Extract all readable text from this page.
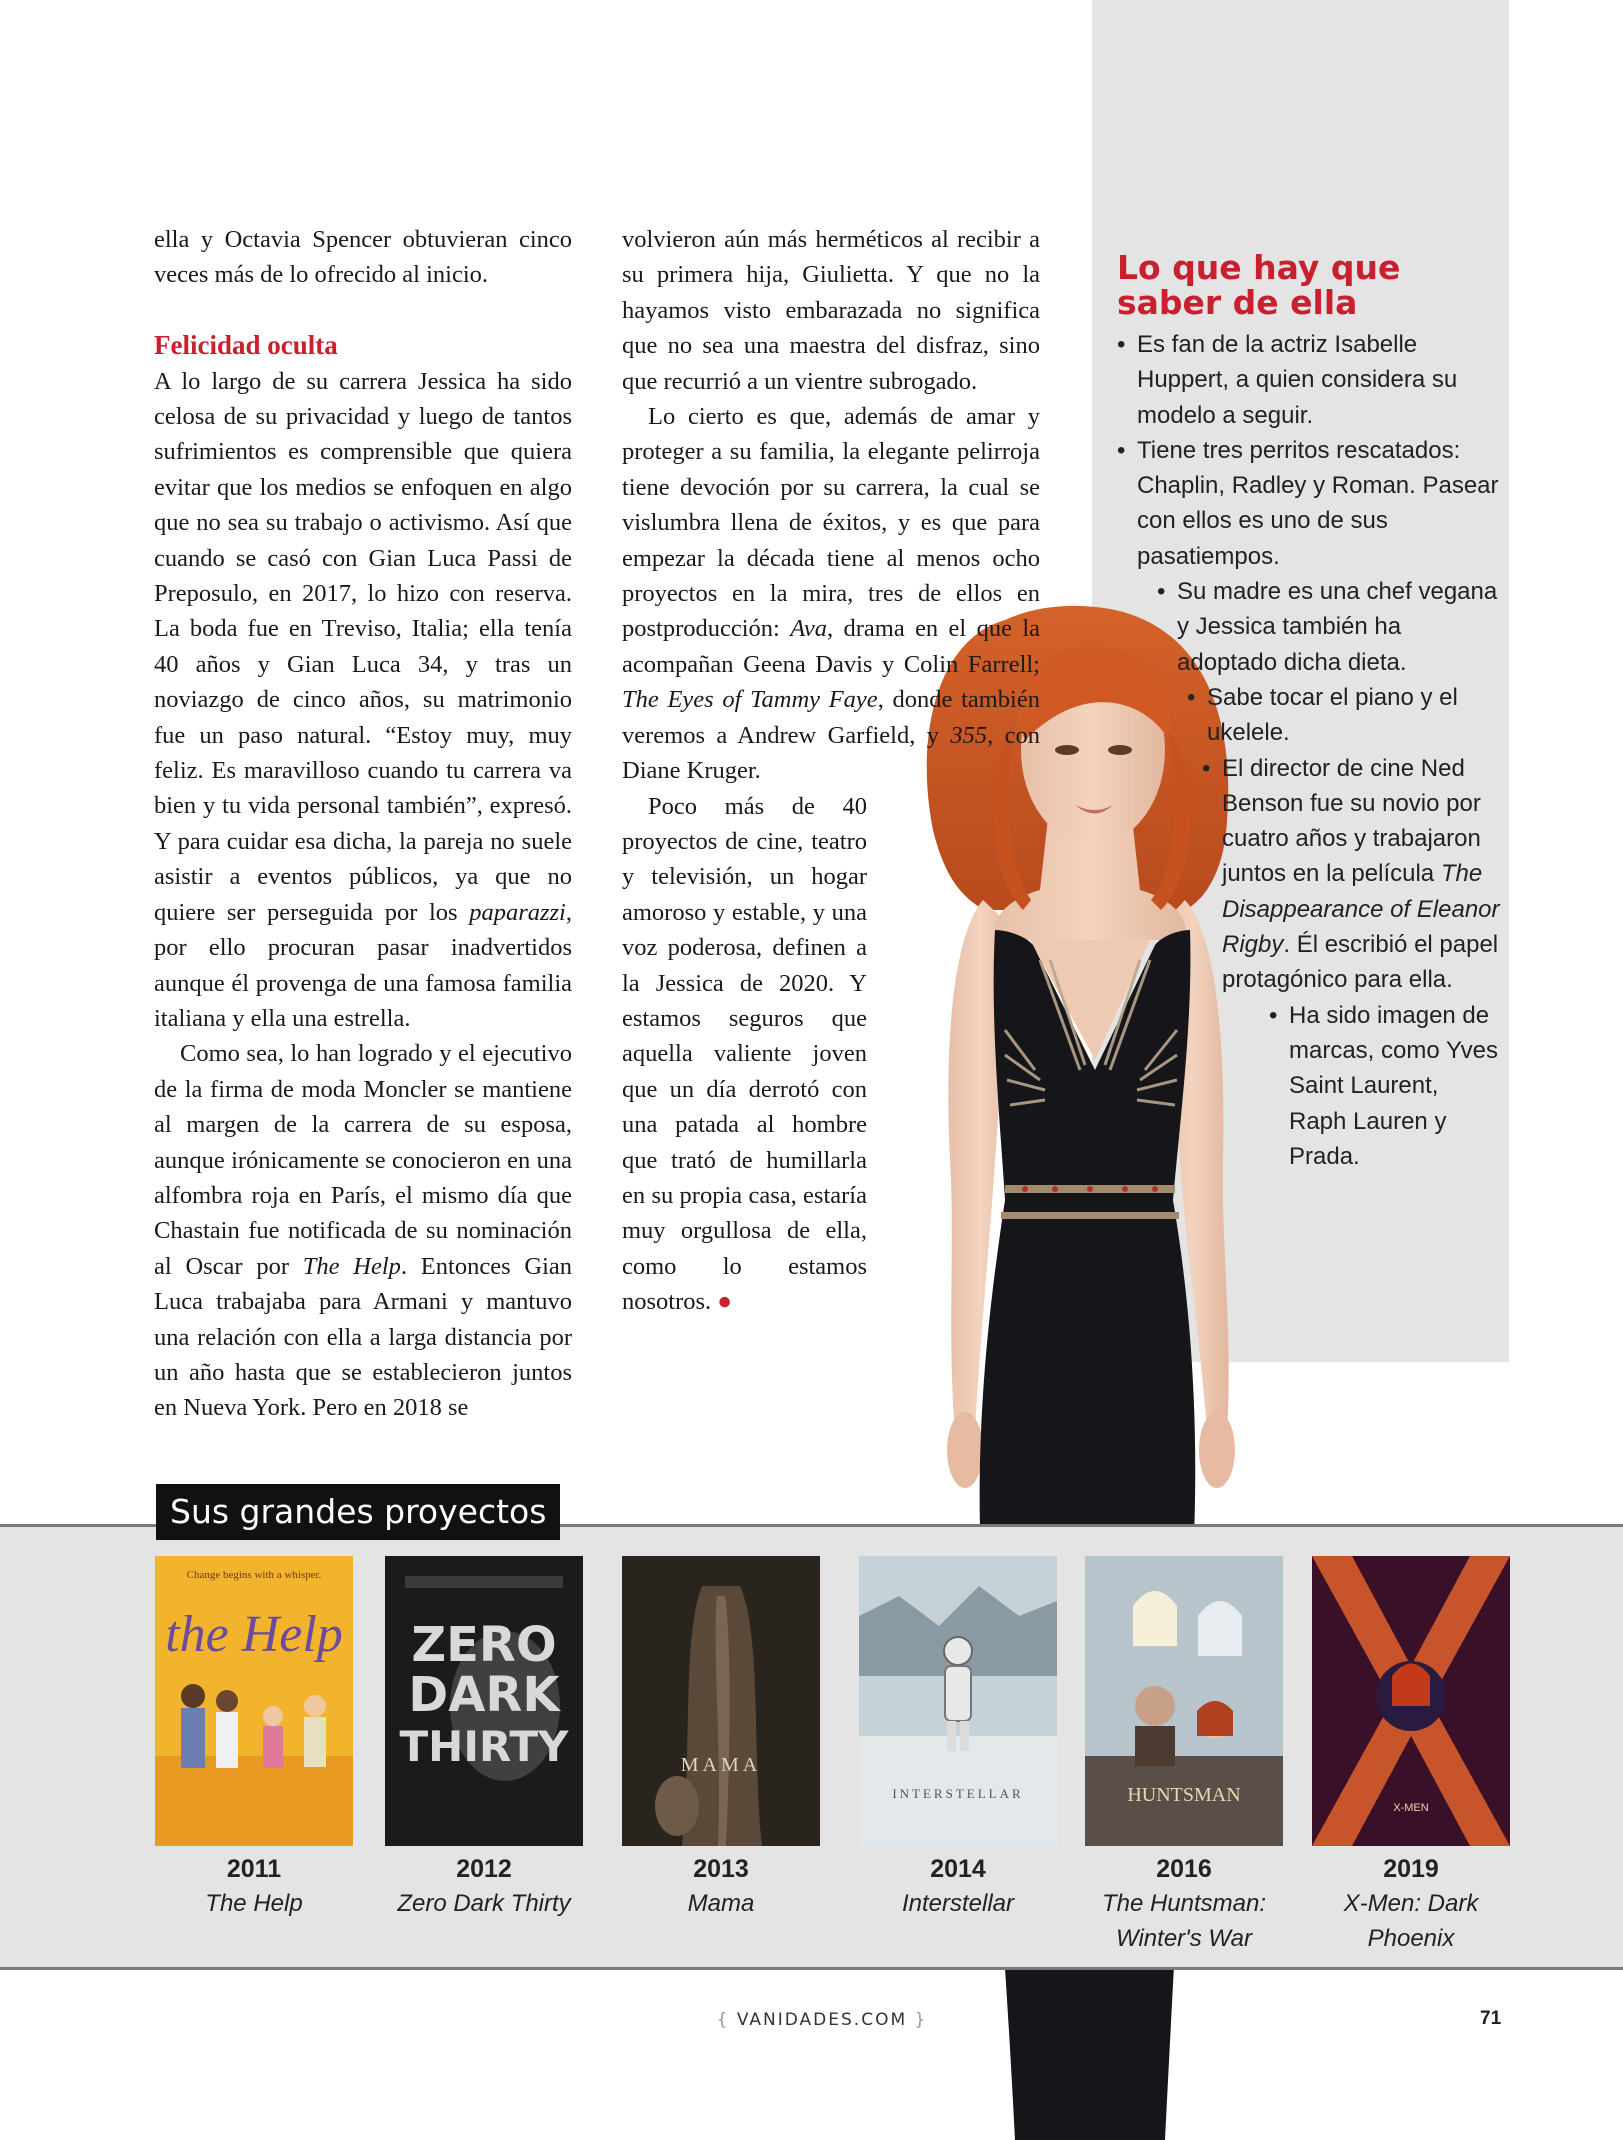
ella y Octavia Spencer obtuvieran cinco veces más de lo ofrecido al inicio.

Felicidad oculta

A lo largo de su carrera Jessica ha sido celosa de su privacidad y luego de tantos sufrimientos es comprensible que quiera evitar que los medios se enfoquen en algo que no sea su trabajo o activismo. Así que cuando se casó con Gian Luca Passi de Preposulo, en 2017, lo hizo con reserva. La boda fue en Treviso, Italia; ella tenía 40 años y Gian Luca 34, y tras un noviazgo de cinco años, su matrimonio fue un paso natural. “Estoy muy, muy feliz. Es maravilloso cuando tu carrera va bien y tu vida personal también”, expresó. Y para cuidar esa dicha, la pareja no suele asistir a eventos públicos, ya que no quiere ser perseguida por los paparazzi, por ello procuran pasar inadvertidos aunque él provenga de una famosa familia italiana y ella una estrella.

Como sea, lo han logrado y el ejecutivo de la firma de moda Moncler se mantiene al margen de la carrera de su esposa, aunque irónicamente se conocieron en una alfombra roja en París, el mismo día que Chastain fue notificada de su nominación al Oscar por The Help. Entonces Gian Luca trabajaba para Armani y mantuvo una relación con ella a larga distancia por un año hasta que se establecieron juntos en Nueva York. Pero en 2018 se

volvieron aún más herméticos al recibir a su primera hija, Giulietta. Y que no la hayamos visto embarazada no significa que no sea una maestra del disfraz, sino que recurrió a un vientre subrogado.

Lo cierto es que, además de amar y proteger a su familia, la elegante pelirroja tiene devoción por su carrera, la cual se vislumbra llena de éxitos, y es que para empezar la década tiene al menos ocho proyectos en la mira, tres de ellos en postproducción: Ava, drama en el que la acompañan Geena Davis y Colin Farrell; The Eyes of Tammy Faye, donde también veremos a Andrew Garfield, y 355, con Diane Kruger.

Poco más de 40 proyectos de cine, teatro y televisión, un hogar amoroso y estable, y una voz poderosa, definen a la Jessica de 2020. Y estamos seguros que aquella valiente joven que un día derrotó con una patada al hombre que trató de humillarla en su propia casa, estaría muy orgullosa de ella, como lo estamos nosotros. ●

Lo que hay que saber de ella
• Es fan de la actriz Isabelle Huppert, a quien considera su modelo a seguir.
• Tiene tres perritos rescatados: Chaplin, Radley y Roman. Pasear con ellos es uno de sus pasatiempos.
• Su madre es una chef vegana y Jessica también ha adoptado dicha dieta.
• Sabe tocar el piano y el ukelele.
• El director de cine Ned Benson fue su novio por cuatro años y trabajaron juntos en la película The Disappearance of Eleanor Rigby. Él escribió el papel protagónico para ella.
• Ha sido imagen de marcas, como Yves Saint Laurent, Raph Lauren y Prada.
Sus grandes proyectos
Change begins with a whisper.
the Help ZERO
DARK
THIRTY	MAMA
INTERSTELLAR	HUNTSMAN
X-MEN
2011
The Help
2012
Zero Dark Thirty
2013
Mama
2014
Interstellar
2016
The Huntsman: Winter's War
2019
X-Men: Dark Phoenix
{ VANIDADES.COM }	71
